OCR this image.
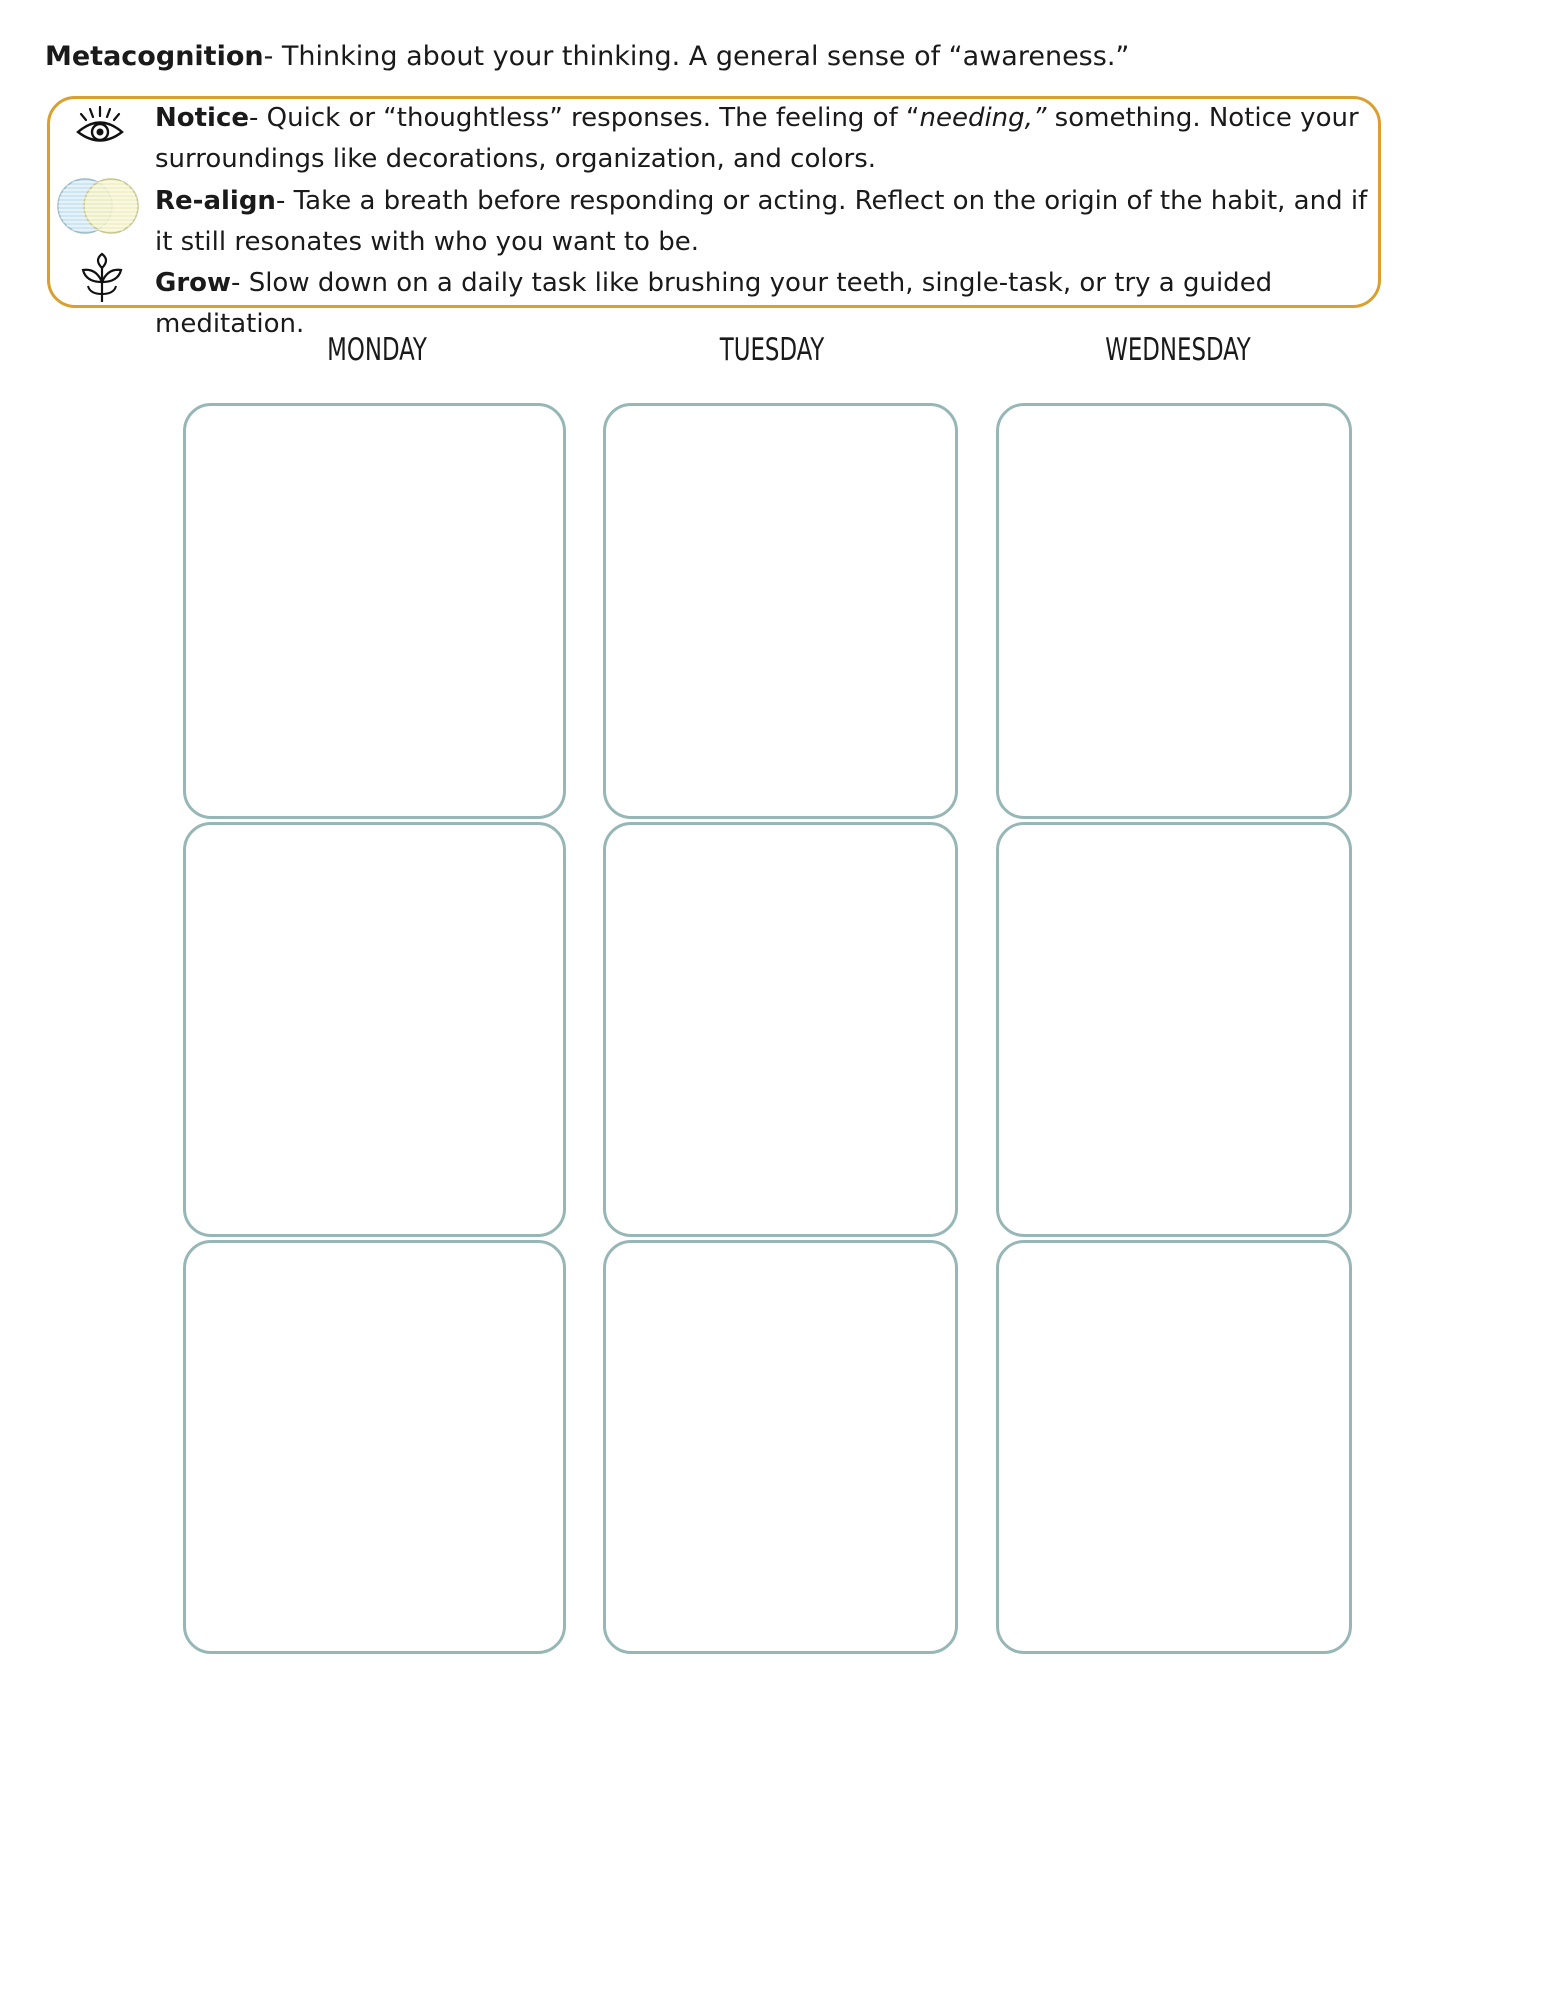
Metacognition- Thinking about your thinking. A general sense of “awareness.”
Notice- Quick or “thoughtless” responses. The feeling of “needing,” something. Notice your surroundings like decorations, organization, and colors.
Re-align- Take a breath before responding or acting. Reflect on the origin of the habit, and if it still resonates with who you want to be.
Grow- Slow down on a daily task like brushing your teeth, single-task, or try a guided meditation.
MONDAY	TUESDAY	WEDNESDAY
